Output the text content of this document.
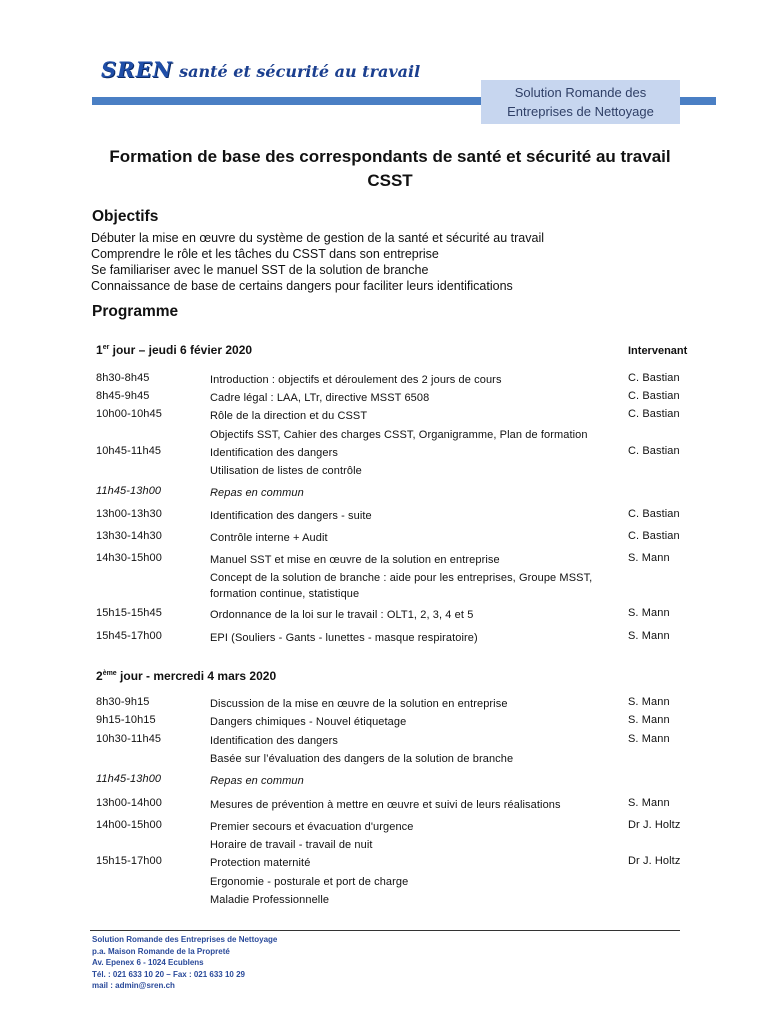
SREN santé et sécurité au travail
Solution Romande des
Entreprises de Nettoyage
Formation de base des correspondants de santé et sécurité au travail
CSST
Objectifs
Débuter la mise en œuvre du système de gestion de la santé et sécurité au travail
Comprendre le rôle et les tâches du CSST dans son entreprise
Se familiariser avec le manuel SST de la solution de branche
Connaissance de base de certains dangers pour faciliter leurs identifications
Programme
1er jour – jeudi 6 févier 2020	Intervenant
8h30-8h45	Introduction : objectifs et déroulement des 2 jours de cours	C. Bastian
8h45-9h45	Cadre légal : LAA, LTr, directive MSST 6508	C. Bastian
10h00-10h45	Rôle de la direction et du CSST	C. Bastian
Objectifs SST, Cahier des charges CSST, Organigramme, Plan de formation
10h45-11h45	Identification des dangers	C. Bastian
Utilisation de listes de contrôle
11h45-13h00	Repas en commun
13h00-13h30	Identification des dangers - suite	C. Bastian
13h30-14h30	Contrôle interne + Audit	C. Bastian
14h30-15h00	Manuel SST et mise en œuvre de la solution en entreprise	S. Mann
Concept de la solution de branche : aide pour les entreprises, Groupe MSST, formation continue, statistique
15h15-15h45	Ordonnance de la loi sur le travail : OLT1, 2, 3, 4 et 5	S. Mann
15h45-17h00	EPI (Souliers - Gants - lunettes - masque respiratoire)	S. Mann
2ème jour - mercredi 4 mars 2020
8h30-9h15	Discussion de la mise en œuvre de la solution en entreprise	S. Mann
9h15-10h15	Dangers chimiques - Nouvel étiquetage	S. Mann
10h30-11h45	Identification des dangers	S. Mann
Basée sur l’évaluation des dangers de la solution de branche
11h45-13h00	Repas en commun
13h00-14h00	Mesures de prévention à mettre en œuvre et suivi de leurs réalisations	S. Mann
14h00-15h00	Premier secours et évacuation d'urgence	Dr J. Holtz
Horaire de travail - travail de nuit
15h15-17h00	Protection maternité	Dr J. Holtz
Ergonomie - posturale et port de charge
Maladie Professionnelle
Solution Romande des Entreprises de Nettoyage
p.a. Maison Romande de la Propreté
Av. Epenex 6 - 1024 Ecublens
Tél. : 021 633 10 20 – Fax : 021 633 10 29
mail : admin@sren.ch
